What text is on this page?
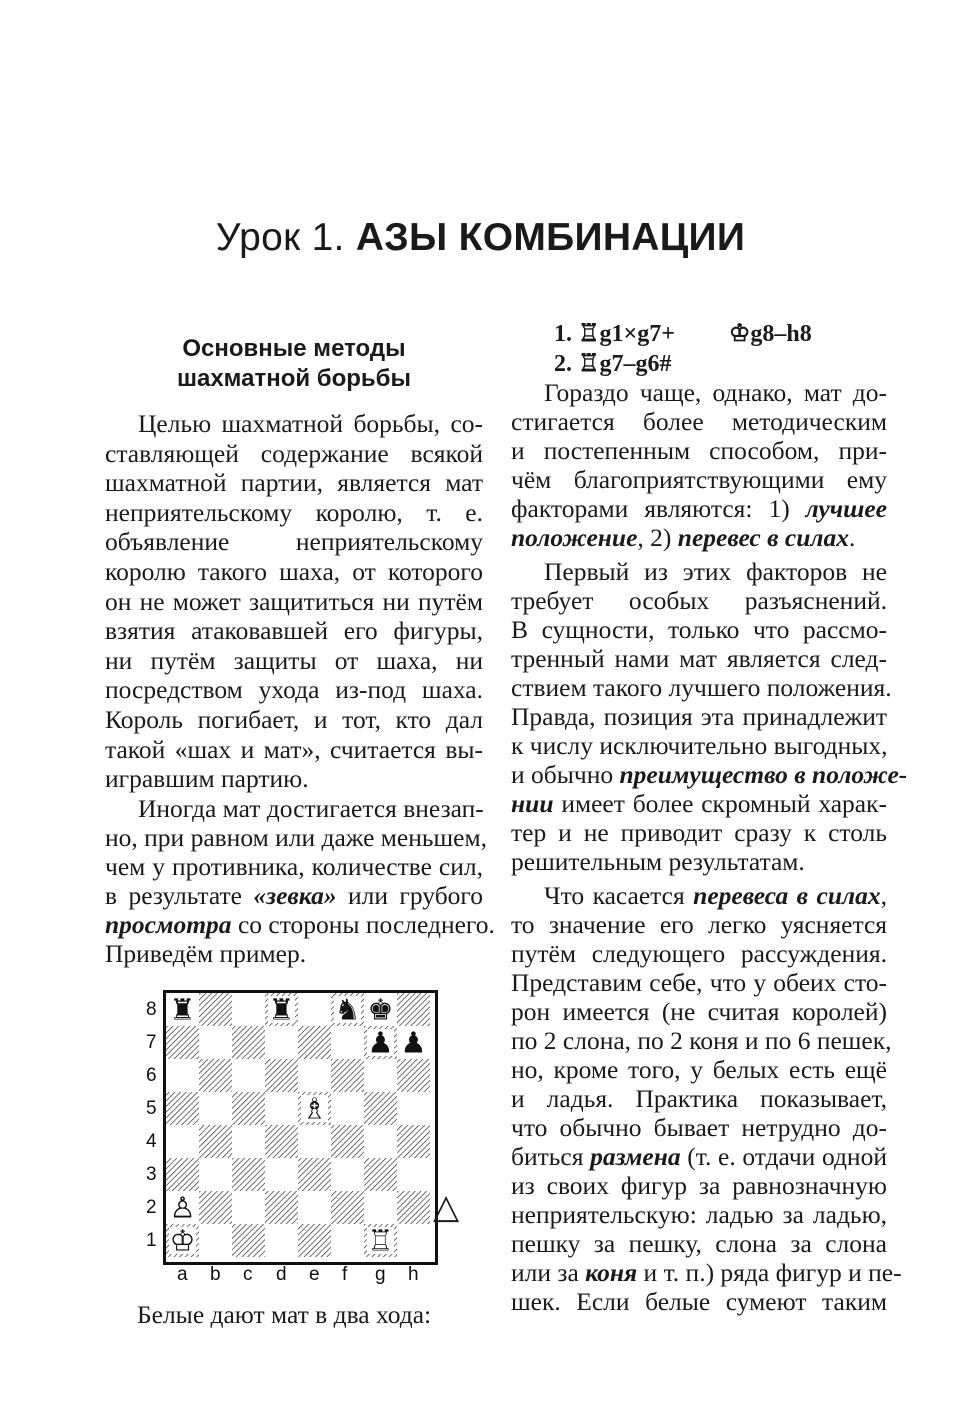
Урок 1. АЗЫ КОМБИНАЦИИ
Основные методы
шахматной борьбы
Целью шахматной борьбы, со-
ставляющей содержание всякой
шахматной партии, является мат
неприятельскому королю, т. е.
объявление неприятельскому
королю такого шаха, от которого
он не может защититься ни путём
взятия атаковавшей его фигуры,
ни путём защиты от шаха, ни
посредством ухода из-под шаха.
Король погибает, и тот, кто дал
такой «шах и мат», считается вы-
игравшим партию.
Иногда мат достигается внезап-
но, при равном или даже меньшем,
чем у противника, количестве сил,
в результате «зевка» или грубого
просмотра со стороны последнего.
Приведём пример.
♜	♜ ♞ ♚
♟ ♟
♗
♙
♔	♖
8
7
6
5
4
3
2
1
a b c d e f g h
△
Белые дают мат в два хода:
1. ♖g1×g7+ ♔g8–h8
2. ♖g7–g6#
Гораздо чаще, однако, мат до-
стигается более методическим
и постепенным способом, при-
чём благоприятствующими ему
факторами являются: 1) лучшее
положение, 2) перевес в силах.
Первый из этих факторов не
требует особых разъяснений.
В сущности, только что рассмо-
тренный нами мат является след-
ствием такого лучшего положения.
Правда, позиция эта принадлежит
к числу исключительно выгодных,
и обычно преимущество в положе-
нии имеет более скромный харак-
тер и не приводит сразу к столь
решительным результатам.
Что касается перевеса в силах,
то значение его легко уясняется
путём следующего рассуждения.
Представим себе, что у обеих сто-
рон имеется (не считая королей)
по 2 слона, по 2 коня и по 6 пешек,
но, кроме того, у белых есть ещё
и ладья. Практика показывает,
что обычно бывает нетрудно до-
биться размена (т. е. отдачи одной
из своих фигур за равнозначную
неприятельскую: ладью за ладью,
пешку за пешку, слона за слона
или за коня и т. п.) ряда фигур и пе-
шек. Если белые сумеют таким
